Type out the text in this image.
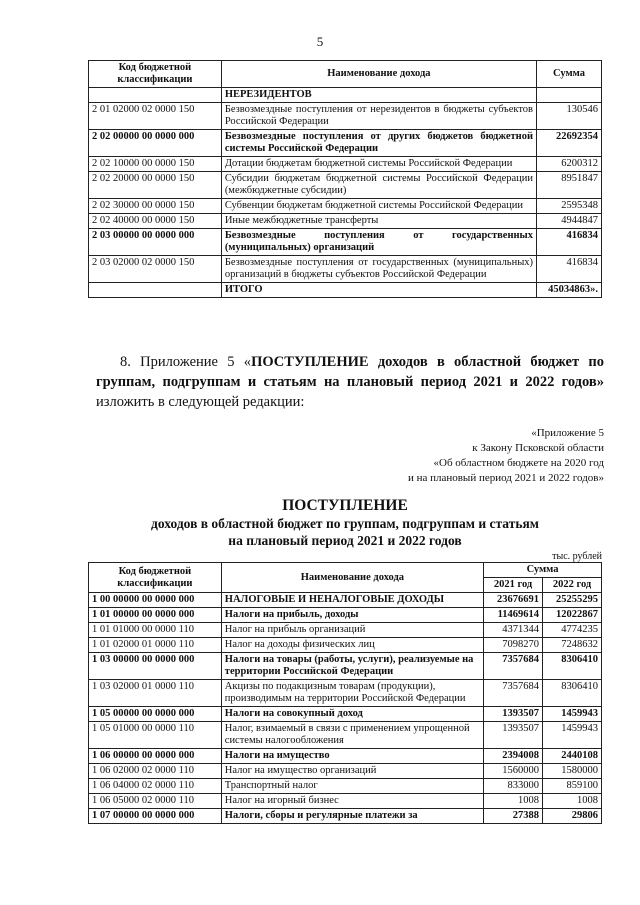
5
Код бюджетной классификации	Наименование дохода	Сумма
	НЕРЕЗИДЕНТОВ	
2 01 02000 02 0000 150	Безвозмездные поступления от нерезидентов в бюджеты субъектов Российской Федерации	130546
2 02 00000 00 0000 000	Безвозмездные поступления от других бюджетов бюджетной системы Российской Федерации	22692354
2 02 10000 00 0000 150	Дотации бюджетам бюджетной системы Российской Федерации	6200312
2 02 20000 00 0000 150	Субсидии бюджетам бюджетной системы Российской Федерации (межбюджетные субсидии)	8951847
2 02 30000 00 0000 150	Субвенции бюджетам бюджетной системы Российской Федерации	2595348
2 02 40000 00 0000 150	Иные межбюджетные трансферты	4944847
2 03 00000 00 0000 000	Безвозмездные поступления от государственных (муниципальных) организаций	416834
2 03 02000 02 0000 150	Безвозмездные поступления от государственных (муниципальных) организаций в бюджеты субъектов Российской Федерации	416834
	ИТОГО	45034863».
8. Приложение 5 «ПОСТУПЛЕНИЕ доходов в областной бюджет по группам, подгруппам и статьям на плановый период 2021 и 2022 годов» изложить в следующей редакции:
«Приложение 5
к Закону Псковской области
«Об областном бюджете на 2020 год
и на плановый период 2021 и 2022 годов»
ПОСТУПЛЕНИЕ
доходов в областной бюджет по группам, подгруппам и статьям
на плановый период 2021 и 2022 годов
тыс. рублей
Код бюджетной классификации	Наименование дохода	Сумма	
		2021 год	2022 год
1 00 00000 00 0000 000	НАЛОГОВЫЕ И НЕНАЛОГОВЫЕ ДОХОДЫ	23676691	25255295
1 01 00000 00 0000 000	Налоги на прибыль, доходы	11469614	12022867
1 01 01000 00 0000 110	Налог на прибыль организаций	4371344	4774235
1 01 02000 01 0000 110	Налог на доходы физических лиц	7098270	7248632
1 03 00000 00 0000 000	Налоги на товары (работы, услуги), реализуемые на территории Российской Федерации	7357684	8306410
1 03 02000 01 0000 110	Акцизы по подакцизным товарам (продукции), производимым на территории Российской Федерации	7357684	8306410
1 05 00000 00 0000 000	Налоги на совокупный доход	1393507	1459943
1 05 01000 00 0000 110	Налог, взимаемый в связи с применением упрощенной системы налогообложения	1393507	1459943
1 06 00000 00 0000 000	Налоги на имущество	2394008	2440108
1 06 02000 02 0000 110	Налог на имущество организаций	1560000	1580000
1 06 04000 02 0000 110	Транспортный налог	833000	859100
1 06 05000 02 0000 110	Налог на игорный бизнес	1008	1008
1 07 00000 00 0000 000	Налоги, сборы и регулярные платежи за	27388	29806
